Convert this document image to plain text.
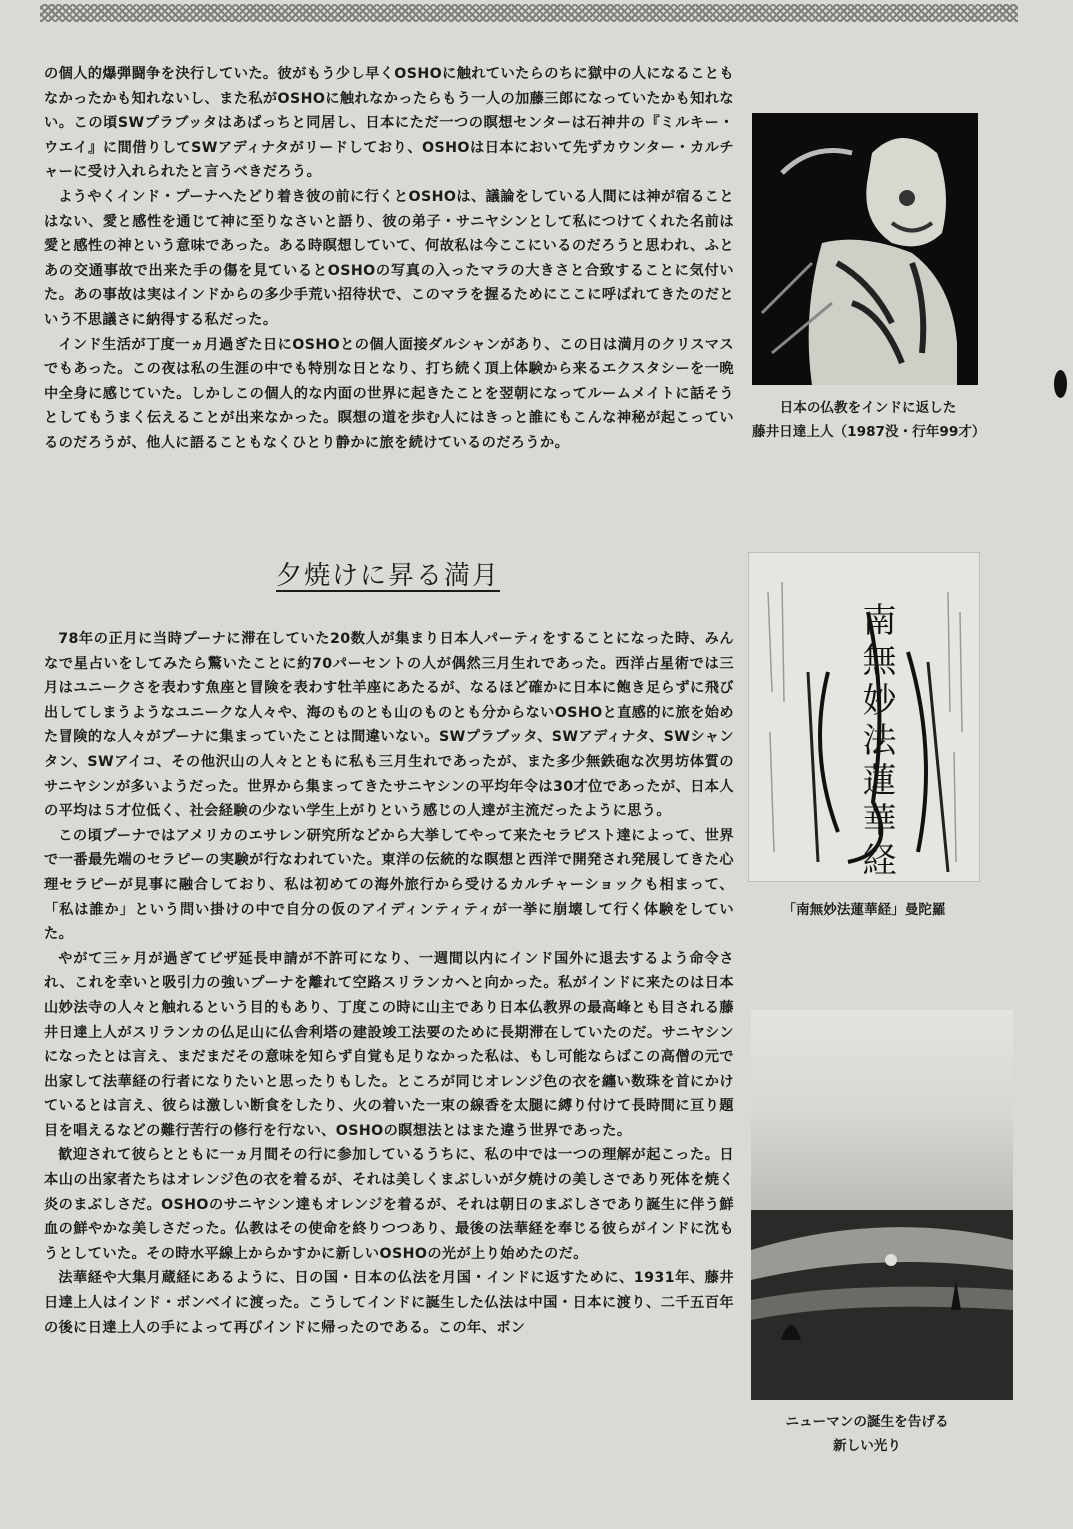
の個人的爆弾闘争を決行していた。彼がもう少し早くOSHOに触れていたらのちに獄中の人になることもなかったかも知れないし、また私がOSHOに触れなかったらもう一人の加藤三郎になっていたかも知れない。この頃SWプラブッタはあぱっちと同居し、日本にただ一つの瞑想センターは石神井の『ミルキー・ウエイ』に間借りしてSWアディナタがリードしており、OSHOは日本において先ずカウンター・カルチャーに受け入れられたと言うべきだろう。

ようやくインド・プーナへたどり着き彼の前に行くとOSHOは、議論をしている人間には神が宿ることはない、愛と感性を通じて神に至りなさいと語り、彼の弟子・サニヤシンとして私につけてくれた名前は愛と感性の神という意味であった。ある時瞑想していて、何故私は今ここにいるのだろうと思われ、ふとあの交通事故で出来た手の傷を見ているとOSHOの写真の入ったマラの大きさと合致することに気付いた。あの事故は実はインドからの多少手荒い招待状で、このマラを握るためにここに呼ばれてきたのだという不思議さに納得する私だった。

インド生活が丁度一ヵ月過ぎた日にOSHOとの個人面接ダルシャンがあり、この日は満月のクリスマスでもあった。この夜は私の生涯の中でも特別な日となり、打ち続く頂上体験から来るエクスタシーを一晩中全身に感じていた。しかしこの個人的な内面の世界に起きたことを翌朝になってルームメイトに話そうとしてもうまく伝えることが出来なかった。瞑想の道を歩む人にはきっと誰にもこんな神秘が起こっているのだろうが、他人に語ることもなくひとり静かに旅を続けているのだろうか。

夕焼けに昇る満月

78年の正月に当時プーナに滞在していた20数人が集まり日本人パーティをすることになった時、みんなで星占いをしてみたら驚いたことに約70パーセントの人が偶然三月生れであった。西洋占星術では三月はユニークさを表わす魚座と冒険を表わす牡羊座にあたるが、なるほど確かに日本に飽き足らずに飛び出してしまうようなユニークな人々や、海のものとも山のものとも分からないOSHOと直感的に旅を始めた冒険的な人々がプーナに集まっていたことは間違いない。SWプラブッタ、SWアディナタ、SWシャンタン、SWアイコ、その他沢山の人々とともに私も三月生れであったが、また多少無鉄砲な次男坊体質のサニヤシンが多いようだった。世界から集まってきたサニヤシンの平均年令は30才位であったが、日本人の平均は５才位低く、社会経験の少ない学生上がりという感じの人達が主流だったように思う。

この頃プーナではアメリカのエサレン研究所などから大挙してやって来たセラピスト達によって、世界で一番最先端のセラピーの実験が行なわれていた。東洋の伝統的な瞑想と西洋で開発され発展してきた心理セラピーが見事に融合しており、私は初めての海外旅行から受けるカルチャーショックも相まって、「私は誰か」という問い掛けの中で自分の仮のアイディンティティが一挙に崩壊して行く体験をしていた。

やがて三ヶ月が過ぎてビザ延長申請が不許可になり、一週間以内にインド国外に退去するよう命令され、これを幸いと吸引力の強いプーナを離れて空路スリランカへと向かった。私がインドに来たのは日本山妙法寺の人々と触れるという目的もあり、丁度この時に山主であり日本仏教界の最高峰とも目される藤井日達上人がスリランカの仏足山に仏舎利塔の建設竣工法要のために長期滞在していたのだ。サニヤシンになったとは言え、まだまだその意味を知らず自覚も足りなかった私は、もし可能ならばこの高僧の元で出家して法華経の行者になりたいと思ったりもした。ところが同じオレンジ色の衣を纏い数珠を首にかけているとは言え、彼らは激しい断食をしたり、火の着いた一束の線香を太腿に縛り付けて長時間に亘り題目を唱えるなどの難行苦行の修行を行ない、OSHOの瞑想法とはまた違う世界であった。

歓迎されて彼らとともに一ヵ月間その行に参加しているうちに、私の中では一つの理解が起こった。日本山の出家者たちはオレンジ色の衣を着るが、それは美しくまぶしいが夕焼けの美しさであり死体を焼く炎のまぶしさだ。OSHOのサニヤシン達もオレンジを着るが、それは朝日のまぶしさであり誕生に伴う鮮血の鮮やかな美しさだった。仏教はその使命を終りつつあり、最後の法華経を奉じる彼らがインドに沈もうとしていた。その時水平線上からかすかに新しいOSHOの光が上り始めたのだ。

法華経や大集月蔵経にあるように、日の国・日本の仏法を月国・インドに返すために、1931年、藤井日達上人はインド・ボンベイに渡った。こうしてインドに誕生した仏法は中国・日本に渡り、二千五百年の後に日達上人の手によって再びインドに帰ったのである。この年、ボン

日本の仏教をインドに返した
藤井日達上人（1987没・行年99才）
南無妙法蓮華経
「南無妙法蓮華経」曼陀羅
ニューマンの誕生を告げる
新しい光り
